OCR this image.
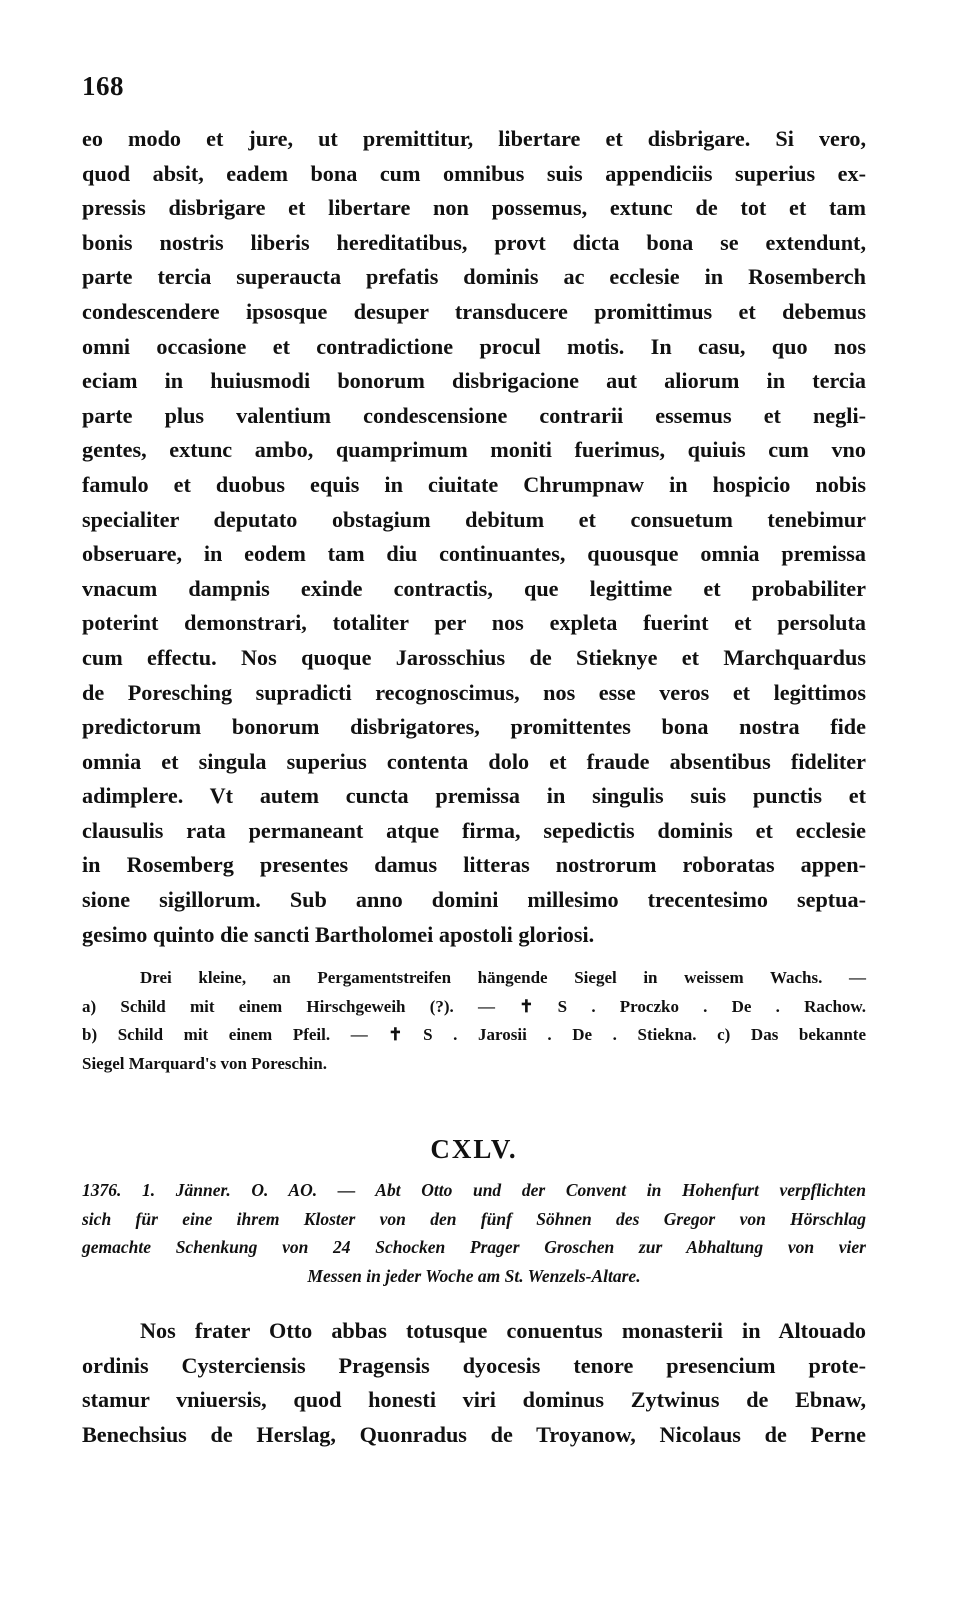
168
eo modo et jure, ut premittitur, libertare et disbrigare. Si vero,
quod absit, eadem bona cum omnibus suis appendiciis superius ex-
pressis disbrigare et libertare non possemus, extunc de tot et tam
bonis nostris liberis hereditatibus, provt dicta bona se extendunt,
parte tercia superaucta prefatis dominis ac ecclesie in Rosemberch
condescendere ipsosque desuper transducere promittimus et debemus
omni occasione et contradictione procul motis. In casu, quo nos
eciam in huiusmodi bonorum disbrigacione aut aliorum in tercia
parte plus valentium condescensione contrarii essemus et negli-
gentes, extunc ambo, quamprimum moniti fuerimus, quiuis cum vno
famulo et duobus equis in ciuitate Chrumpnaw in hospicio nobis
specialiter deputato obstagium debitum et consuetum tenebimur
obseruare, in eodem tam diu continuantes, quousque omnia premissa
vnacum dampnis exinde contractis, que legittime et probabiliter
poterint demonstrari, totaliter per nos expleta fuerint et persoluta
cum effectu. Nos quoque Jarosschius de Stieknye et Marchquardus
de Poresching supradicti recognoscimus, nos esse veros et legittimos
predictorum bonorum disbrigatores, promittentes bona nostra fide
omnia et singula superius contenta dolo et fraude absentibus fideliter
adimplere. Vt autem cuncta premissa in singulis suis punctis et
clausulis rata permaneant atque firma, sepedictis dominis et ecclesie
in Rosemberg presentes damus litteras nostrorum roboratas appen-
sione sigillorum. Sub anno domini millesimo trecentesimo septua-
gesimo quinto die sancti Bartholomei apostoli gloriosi.
Drei kleine, an Pergamentstreifen hängende Siegel in weissem Wachs. —
a) Schild mit einem Hirschgeweih (?). — ✝ S . Proczko . De . Rachow.
b) Schild mit einem Pfeil. — ✝ S . Jarosii . De . Stiekna. c) Das bekannte
Siegel Marquard's von Poreschin.
CXLV.
1376. 1. Jänner. O. AO. — Abt Otto und der Convent in Hohenfurt verpflichten
sich für eine ihrem Kloster von den fünf Söhnen des Gregor von Hörschlag
gemachte Schenkung von 24 Schocken Prager Groschen zur Abhaltung von vier
Messen in jeder Woche am St. Wenzels-Altare.
Nos frater Otto abbas totusque conuentus monasterii in Altouado
ordinis Cysterciensis Pragensis dyocesis tenore presencium prote-
stamur vniuersis, quod honesti viri dominus Zytwinus de Ebnaw,
Benechsius de Herslag, Quonradus de Troyanow, Nicolaus de Perne
